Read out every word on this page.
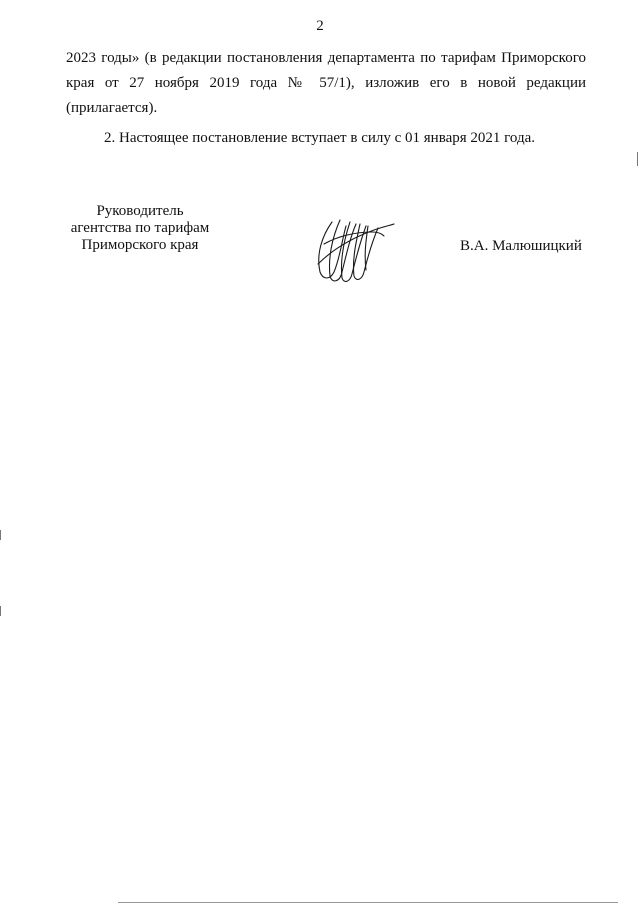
2
2023 годы» (в редакции постановления департамента по тарифам Приморского
края от 27 ноября 2019 года № 57/1), изложив его в новой редакции
(прилагается).
2. Настоящее постановление вступает в силу с 01 января 2021 года.
Руководитель
агентства по тарифам
Приморского края	В.А. Малюшицкий
